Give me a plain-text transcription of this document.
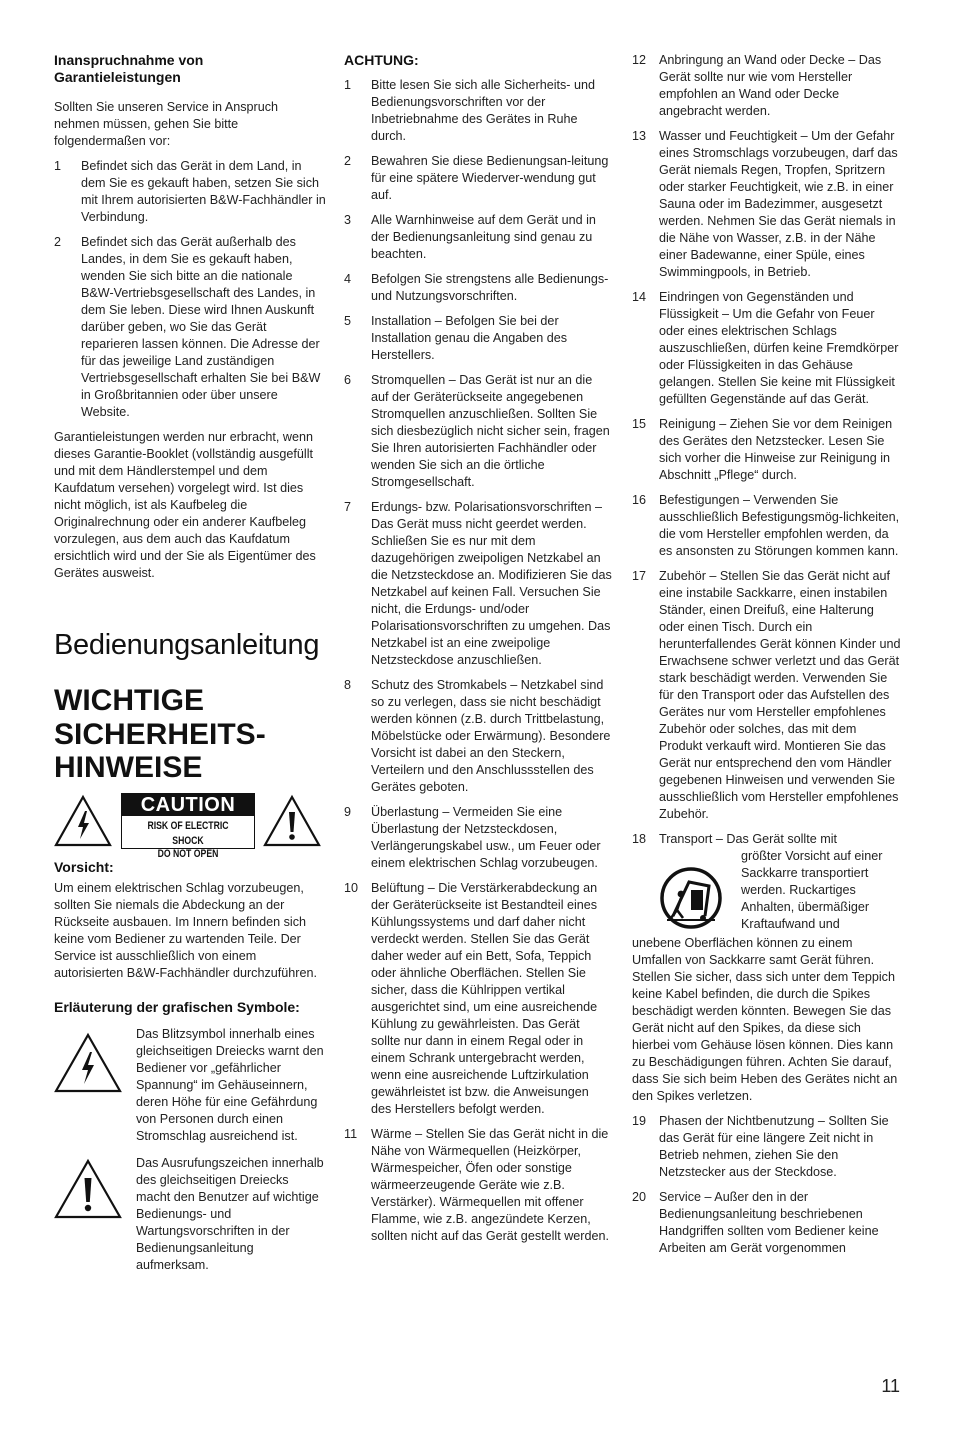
Inanspruchnahme von Garantieleistungen

Sollten Sie unseren Service in Anspruch nehmen müssen, gehen Sie bitte folgendermaßen vor:

1	Befindet sich das Gerät in dem Land, in dem Sie es gekauft haben, setzen Sie sich mit Ihrem autorisierten B&W-Fachhändler in Verbindung.
2	Befindet sich das Gerät außerhalb des Landes, in dem Sie es gekauft haben, wenden Sie sich bitte an die nationale B&W-Vertriebsgesellschaft des Landes, in dem Sie leben. Diese wird Ihnen Auskunft darüber geben, wo Sie das Gerät reparieren lassen können. Die Adresse der für das jeweilige Land zuständigen Vertriebsgesellschaft erhalten Sie bei B&W in Großbritannien oder über unsere Website.

Garantieleistungen werden nur erbracht, wenn dieses Garantie-Booklet (vollständig ausgefüllt und mit dem Händlerstempel und dem Kaufdatum versehen) vorgelegt wird. Ist dies nicht möglich, ist als Kaufbeleg die Originalrechnung oder ein anderer Kaufbeleg vorzulegen, aus dem auch das Kaufdatum ersichtlich wird und der Sie als Eigentümer des Gerätes ausweist.

Bedienungsanleitung
WICHTIGE
SICHERHEITS-
HINWEISE
CAUTION
RISK OF ELECTRIC SHOCK
DO NOT OPEN
Vorsicht:

Um einem elektrischen Schlag vorzubeugen, sollten Sie niemals die Abdeckung an der Rückseite ausbauen. Im Innern befinden sich keine vom Bediener zu wartenden Teile. Der Service ist ausschließlich von einem autorisierten B&W-Fachhändler durchzuführen.

Erläuterung der grafischen Symbole:

Das Blitzsymbol innerhalb eines gleichseitigen Dreiecks warnt den Bediener vor „gefährlicher Spannung“ im Gehäuseinnern, deren Höhe für eine Gefährdung von Personen durch einen Stromschlag ausreichend ist.

Das Ausrufungszeichen innerhalb des gleichseitigen Dreiecks macht den Benutzer auf wichtige Bedienungs- und Wartungsvorschriften in der Bedienungsanleitung aufmerksam.

ACHTUNG:
1	Bitte lesen Sie sich alle Sicherheits- und Bedienungsvorschriften vor der Inbetriebnahme des Gerätes in Ruhe durch.
2	Bewahren Sie diese Bedienungsan-leitung für eine spätere Wiederver-wendung gut auf.
3	Alle Warnhinweise auf dem Gerät und in der Bedienungsanleitung sind genau zu beachten.
4	Befolgen Sie strengstens alle Bedienungs- und Nutzungsvorschriften.
5	Installation – Befolgen Sie bei der Installation genau die Angaben des Herstellers.
6	Stromquellen – Das Gerät ist nur an die auf der Geräterückseite angegebenen Stromquellen anzuschließen. Sollten Sie sich diesbezüglich nicht sicher sein, fragen Sie Ihren autorisierten Fachhändler oder wenden Sie sich an die örtliche Stromgesellschaft.
7	Erdungs- bzw. Polarisationsvorschriften – Das Gerät muss nicht geerdet werden. Schließen Sie es nur mit dem dazugehörigen zweipoligen Netzkabel an die Netzsteckdose an. Modifizieren Sie das Netzkabel auf keinen Fall. Versuchen Sie nicht, die Erdungs- und/oder Polarisationsvorschriften zu umgehen. Das Netzkabel ist an eine zweipolige Netzsteckdose anzuschließen.
8	Schutz des Stromkabels – Netzkabel sind so zu verlegen, dass sie nicht beschädigt werden können (z.B. durch Trittbelastung, Möbelstücke oder Erwärmung). Besondere Vorsicht ist dabei an den Steckern, Verteilern und den Anschlussstellen des Gerätes geboten.
9	Überlastung – Vermeiden Sie eine Überlastung der Netzsteckdosen, Verlängerungskabel usw., um Feuer oder einem elektrischen Schlag vorzubeugen.
10	Belüftung – Die Verstärkerabdeckung an der Geräterückseite ist Bestandteil eines Kühlungssystems und darf daher nicht verdeckt werden. Stellen Sie das Gerät daher weder auf ein Bett, Sofa, Teppich oder ähnliche Oberflächen. Stellen Sie sicher, dass die Kühlrippen vertikal ausgerichtet sind, um eine ausreichende Kühlung zu gewährleisten. Das Gerät sollte nur dann in einem Regal oder in einem Schrank untergebracht werden, wenn eine ausreichende Luftzirkulation gewährleistet ist bzw. die Anweisungen des Herstellers befolgt werden.
11	Wärme – Stellen Sie das Gerät nicht in die Nähe von Wärmequellen (Heizkörper, Wärmespeicher, Öfen oder sonstige wärmeerzeugende Geräte wie z.B. Verstärker). Wärmequellen mit offener Flamme, wie z.B. angezündete Kerzen, sollten nicht auf das Gerät gestellt werden.
12	Anbringung an Wand oder Decke – Das Gerät sollte nur wie vom Hersteller empfohlen an Wand oder Decke angebracht werden.
13	Wasser und Feuchtigkeit – Um der Gefahr eines Stromschlags vorzubeugen, darf das Gerät niemals Regen, Tropfen, Spritzern oder starker Feuchtigkeit, wie z.B. in einer Sauna oder im Badezimmer, ausgesetzt werden. Nehmen Sie das Gerät niemals in die Nähe von Wasser, z.B. in der Nähe einer Badewanne, einer Spüle, eines Swimmingpools, in Betrieb.
14	Eindringen von Gegenständen und Flüssigkeit – Um die Gefahr von Feuer oder eines elektrischen Schlags auszuschließen, dürfen keine Fremdkörper oder Flüssigkeiten in das Gehäuse gelangen. Stellen Sie keine mit Flüssigkeit gefüllten Gegenstände auf das Gerät.
15	Reinigung – Ziehen Sie vor dem Reinigen des Gerätes den Netzstecker. Lesen Sie sich vorher die Hinweise zur Reinigung in Abschnitt „Pflege“ durch.
16	Befestigungen – Verwenden Sie ausschließlich Befestigungsmög-lichkeiten, die vom Hersteller empfohlen werden, da es ansonsten zu Störungen kommen kann.
17	Zubehör – Stellen Sie das Gerät nicht auf eine instabile Sackkarre, einen instabilen Ständer, einen Dreifuß, eine Halterung oder einen Tisch. Durch ein herunterfallendes Gerät können Kinder und Erwachsene schwer verletzt und das Gerät stark beschädigt werden. Verwenden Sie für den Transport oder das Aufstellen des Gerätes nur vom Hersteller empfohlenes Zubehör oder solches, das mit dem Produkt verkauft wird. Montieren Sie das Gerät nur entsprechend den vom Händler gegebenen Hinweisen und verwenden Sie ausschließlich vom Hersteller empfohlenes Zubehör.
18	Transport – Das Gerät sollte mit

größter Vorsicht auf einer Sackkarre transportiert werden. Ruckartiges Anhalten, übermäßiger Kraftaufwand und

unebene Oberflächen können zu einem Umfallen von Sackkarre samt Gerät führen. Stellen Sie sicher, dass sich unter dem Teppich keine Kabel befinden, die durch die Spikes beschädigt werden könnten. Bewegen Sie das Gerät nicht auf den Spikes, da diese sich hierbei vom Gehäuse lösen können. Dies kann zu Beschädigungen führen. Achten Sie darauf, dass Sie sich beim Heben des Gerätes nicht an den Spikes verletzen.

19	Phasen der Nichtbenutzung – Sollten Sie das Gerät für eine längere Zeit nicht in Betrieb nehmen, ziehen Sie den Netzstecker aus der Steckdose.
20	Service – Außer den in der Bedienungsanleitung beschriebenen Handgriffen sollten vom Bediener keine Arbeiten am Gerät vorgenommen
11
